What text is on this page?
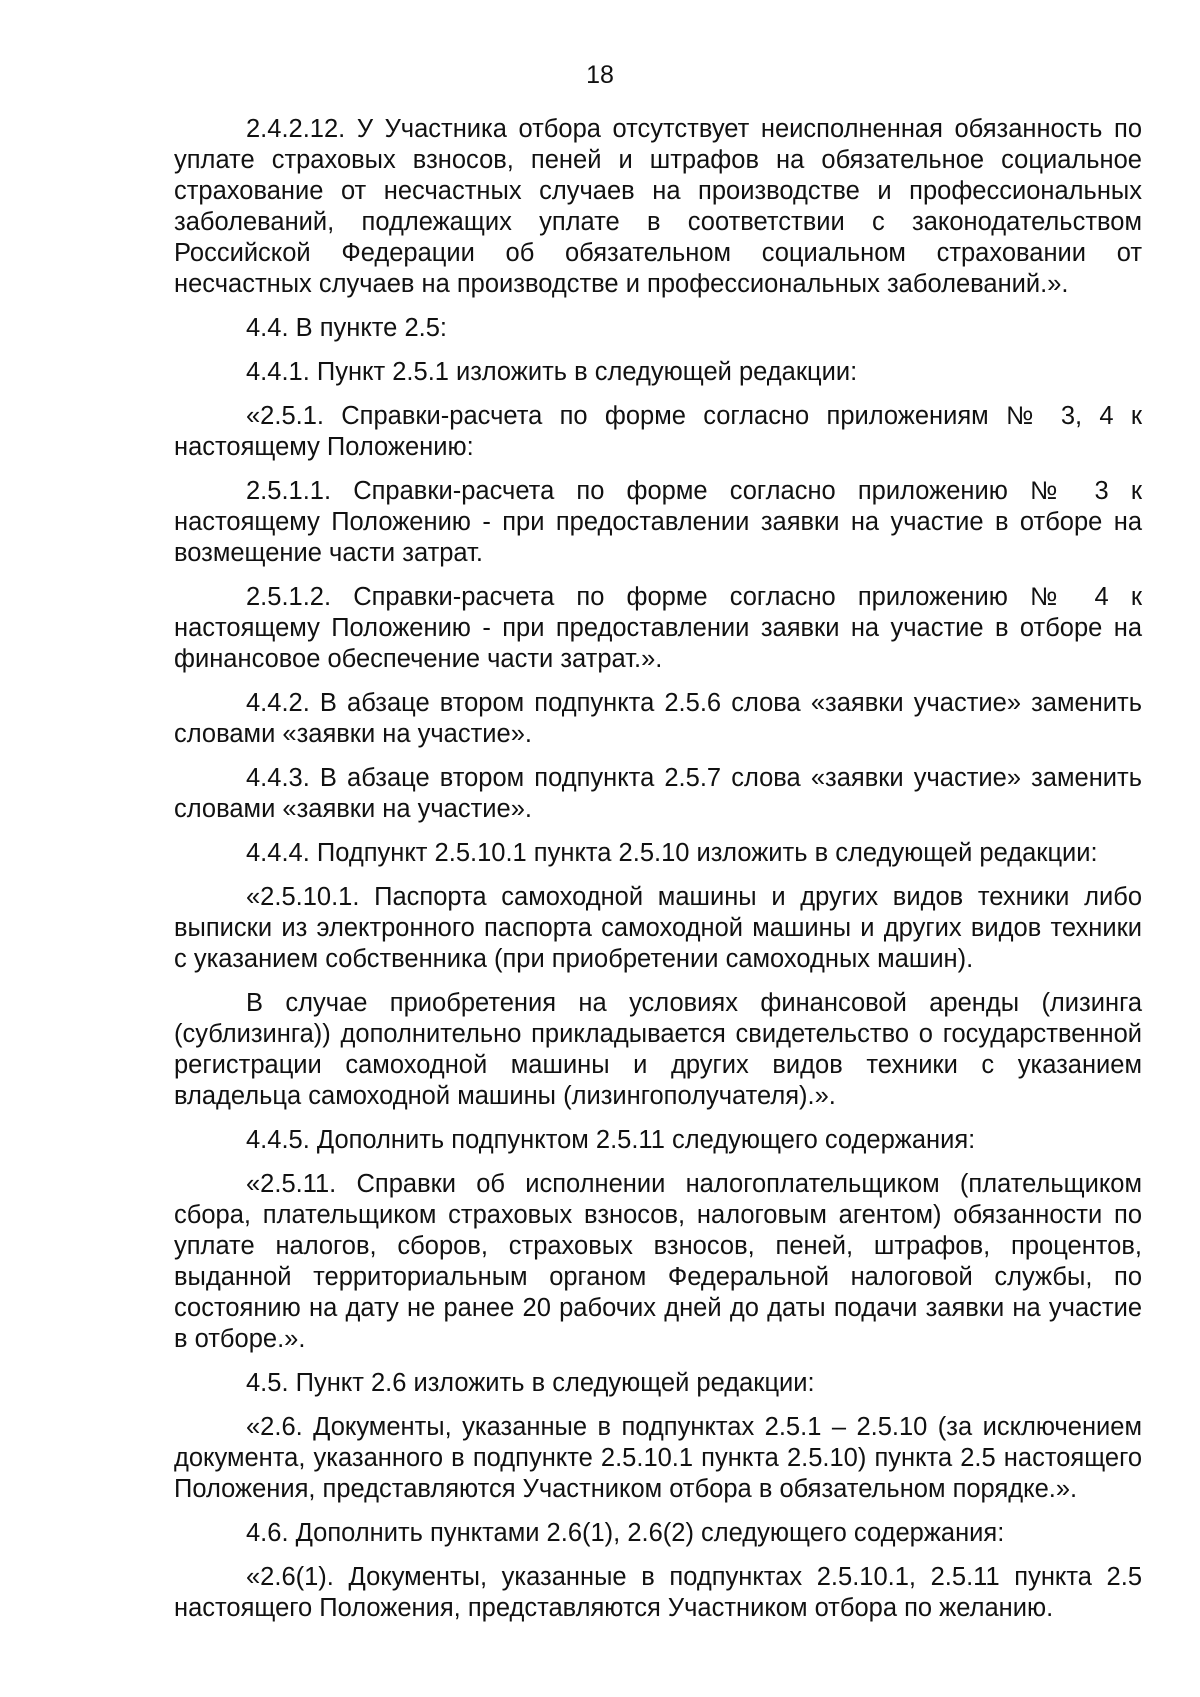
18

2.4.2.12. У Участника отбора отсутствует неисполненная обязанность по уплате страховых взносов, пеней и штрафов на обязательное социальное страхование от несчастных случаев на производстве и профессиональных заболеваний, подлежащих уплате в соответствии с законодательством Российской Федерации об обязательном социальном страховании от несчастных случаев на производстве и профессиональных заболеваний.».

4.4. В пункте 2.5:

4.4.1. Пункт 2.5.1 изложить в следующей редакции:

«2.5.1. Справки-расчета по форме согласно приложениям № 3, 4 к настоящему Положению:

2.5.1.1. Справки-расчета по форме согласно приложению № 3 к настоящему Положению - при предоставлении заявки на участие в отборе на возмещение части затрат.

2.5.1.2. Справки-расчета по форме согласно приложению № 4 к настоящему Положению - при предоставлении заявки на участие в отборе на финансовое обеспечение части затрат.».

4.4.2. В абзаце втором подпункта 2.5.6 слова «заявки участие» заменить словами «заявки на участие».

4.4.3. В абзаце втором подпункта 2.5.7 слова «заявки участие» заменить словами «заявки на участие».

4.4.4. Подпункт 2.5.10.1 пункта 2.5.10 изложить в следующей редакции:

«2.5.10.1. Паспорта самоходной машины и других видов техники либо выписки из электронного паспорта самоходной машины и других видов техники с указанием собственника (при приобретении самоходных машин).

В случае приобретения на условиях финансовой аренды (лизинга (сублизинга)) дополнительно прикладывается свидетельство о государственной регистрации самоходной машины и других видов техники с указанием владельца самоходной машины (лизингополучателя).».

4.4.5. Дополнить подпунктом 2.5.11 следующего содержания:

«2.5.11. Справки об исполнении налогоплательщиком (плательщиком сбора, плательщиком страховых взносов, налоговым агентом) обязанности по уплате налогов, сборов, страховых взносов, пеней, штрафов, процентов, выданной территориальным органом Федеральной налоговой службы, по состоянию на дату не ранее 20 рабочих дней до даты подачи заявки на участие в отборе.».

4.5. Пункт 2.6 изложить в следующей редакции:

«2.6. Документы, указанные в подпунктах 2.5.1 – 2.5.10 (за исключением документа, указанного в подпункте 2.5.10.1 пункта 2.5.10) пункта 2.5 настоящего Положения, представляются Участником отбора в обязательном порядке.».

4.6. Дополнить пунктами 2.6(1), 2.6(2) следующего содержания:

«2.6(1). Документы, указанные в подпунктах 2.5.10.1, 2.5.11 пункта 2.5 настоящего Положения, представляются Участником отбора по желанию.
